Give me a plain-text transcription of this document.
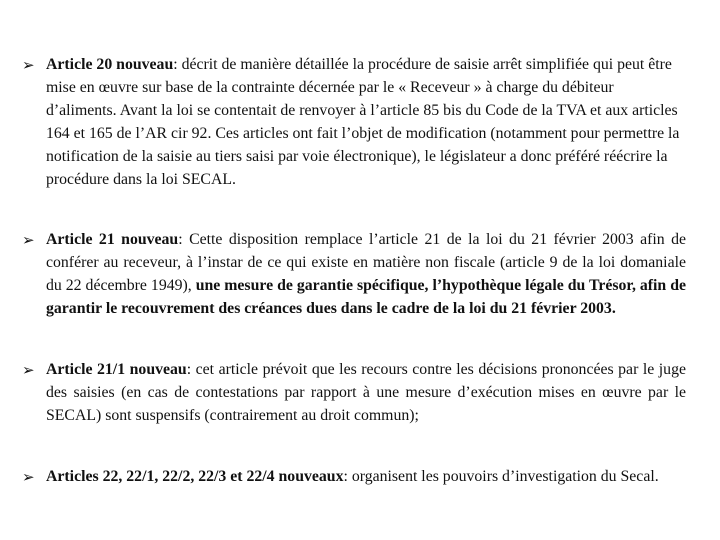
➢ Article 20 nouveau: décrit de manière détaillée la procédure de saisie arrêt simplifiée qui peut être mise en œuvre sur base de la contrainte décernée par le « Receveur » à charge du débiteur d’aliments. Avant la loi se contentait de renvoyer à l’article 85 bis du Code de la TVA et aux articles 164 et 165 de l’AR cir 92. Ces articles ont fait l’objet de modification (notamment pour permettre la notification de la saisie au tiers saisi par voie électronique), le législateur a donc préféré réécrire la procédure dans la loi SECAL.
➢ Article 21 nouveau: Cette disposition remplace l’article 21 de la loi du 21 février 2003 afin de conférer au receveur, à l’instar de ce qui existe en matière non fiscale (article 9 de la loi domaniale du 22 décembre 1949), une mesure de garantie spécifique, l’hypothèque légale du Trésor, afin de garantir le recouvrement des créances dues dans le cadre de la loi du 21 février 2003.
➢ Article 21/1 nouveau: cet article prévoit que les recours contre les décisions prononcées par le juge des saisies (en cas de contestations par rapport à une mesure d’exécution mises en œuvre par le SECAL) sont suspensifs (contrairement au droit commun);
➢ Articles 22, 22/1, 22/2, 22/3 et 22/4 nouveaux: organisent les pouvoirs d’investigation du Secal.
